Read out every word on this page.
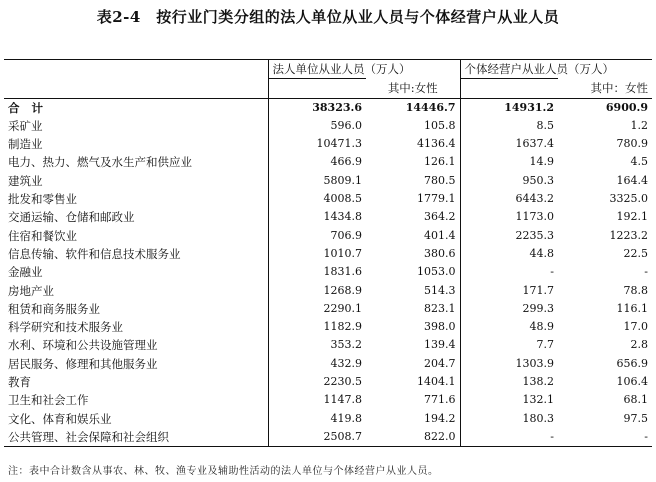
表2-4　按行业门类分组的法人单位从业人员与个体经营户从业人员
	法人单位从业人员（万人）	其中:女性	个体经营户从业人员（万人）	其中：女性

合 计	38323.6	14446.7	14931.2	6900.9
采矿业	596.0	105.8	8.5	1.2
制造业	10471.3	4136.4	1637.4	780.9
电力、热力、燃气及水生产和供应业	466.9	126.1	14.9	4.5
建筑业	5809.1	780.5	950.3	164.4
批发和零售业	4008.5	1779.1	6443.2	3325.0
交通运输、仓储和邮政业	1434.8	364.2	1173.0	192.1
住宿和餐饮业	706.9	401.4	2235.3	1223.2
信息传输、软件和信息技术服务业	1010.7	380.6	44.8	22.5
金融业	1831.6	1053.0	-	-
房地产业	1268.9	514.3	171.7	78.8
租赁和商务服务业	2290.1	823.1	299.3	116.1
科学研究和技术服务业	1182.9	398.0	48.9	17.0
水利、环境和公共设施管理业	353.2	139.4	7.7	2.8
居民服务、修理和其他服务业	432.9	204.7	1303.9	656.9
教育	2230.5	1404.1	138.2	106.4
卫生和社会工作	1147.8	771.6	132.1	68.1
文化、体育和娱乐业	419.8	194.2	180.3	97.5
公共管理、社会保障和社会组织	2508.7	822.0	-	-
注：表中合计数含从事农、林、牧、渔专业及辅助性活动的法人单位与个体经营户从业人员。
